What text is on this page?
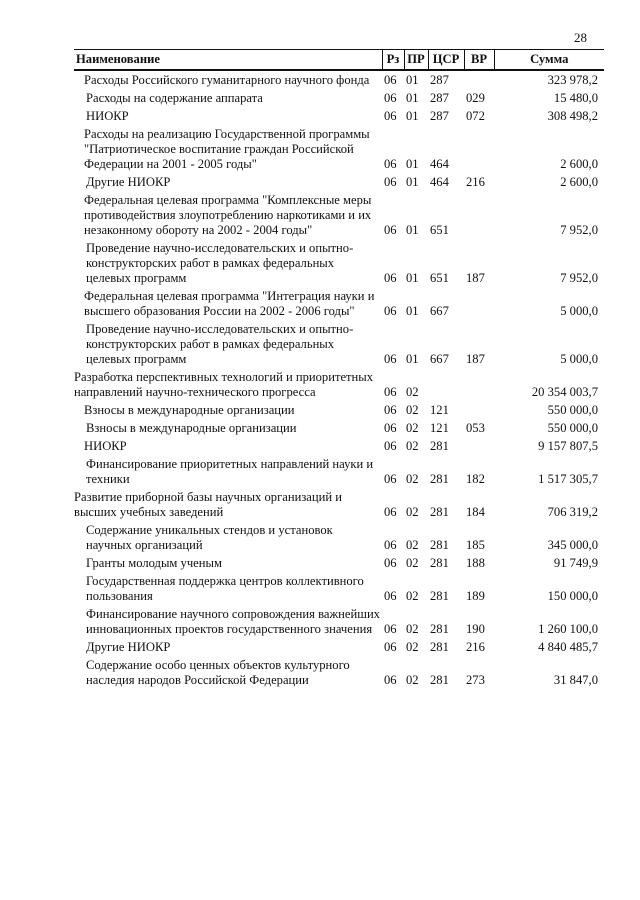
28
Наименование	Рз	ПР	ЦСР	ВР	Сумма
Расходы Российского гуманитарного научного фонда	06	01	287		323 978,2
Расходы на содержание аппарата	06	01	287	029	15 480,0
НИОКР	06	01	287	072	308 498,2
Расходы на реализацию Государственной программы "Патриотическое воспитание граждан Российской Федерации на 2001 - 2005 годы"	06	01	464		2 600,0
Другие НИОКР	06	01	464	216	2 600,0
Федеральная целевая программа "Комплексные меры противодействия злоупотреблению наркотиками и их незаконному обороту на 2002 - 2004 годы"	06	01	651		7 952,0
Проведение научно-исследовательских и опытно-конструкторских работ в рамках федеральных целевых программ	06	01	651	187	7 952,0
Федеральная целевая программа "Интеграция науки и высшего образования России на 2002 - 2006 годы"	06	01	667		5 000,0
Проведение научно-исследовательских и опытно-конструкторских работ в рамках федеральных целевых программ	06	01	667	187	5 000,0
Разработка перспективных технологий и приоритетных направлений научно-технического прогресса	06	02			20 354 003,7
Взносы в международные организации	06	02	121		550 000,0
Взносы в международные организации	06	02	121	053	550 000,0
НИОКР	06	02	281		9 157 807,5
Финансирование приоритетных направлений науки и техники	06	02	281	182	1 517 305,7
Развитие приборной базы научных организаций и высших учебных заведений	06	02	281	184	706 319,2
Содержание уникальных стендов и установок научных организаций	06	02	281	185	345 000,0
Гранты молодым ученым	06	02	281	188	91 749,9
Государственная поддержка центров коллективного пользования	06	02	281	189	150 000,0
Финансирование научного сопровождения важнейших инновационных проектов государственного значения	06	02	281	190	1 260 100,0
Другие НИОКР	06	02	281	216	4 840 485,7
Содержание особо ценных объектов культурного наследия народов Российской Федерации	06	02	281	273	31 847,0
